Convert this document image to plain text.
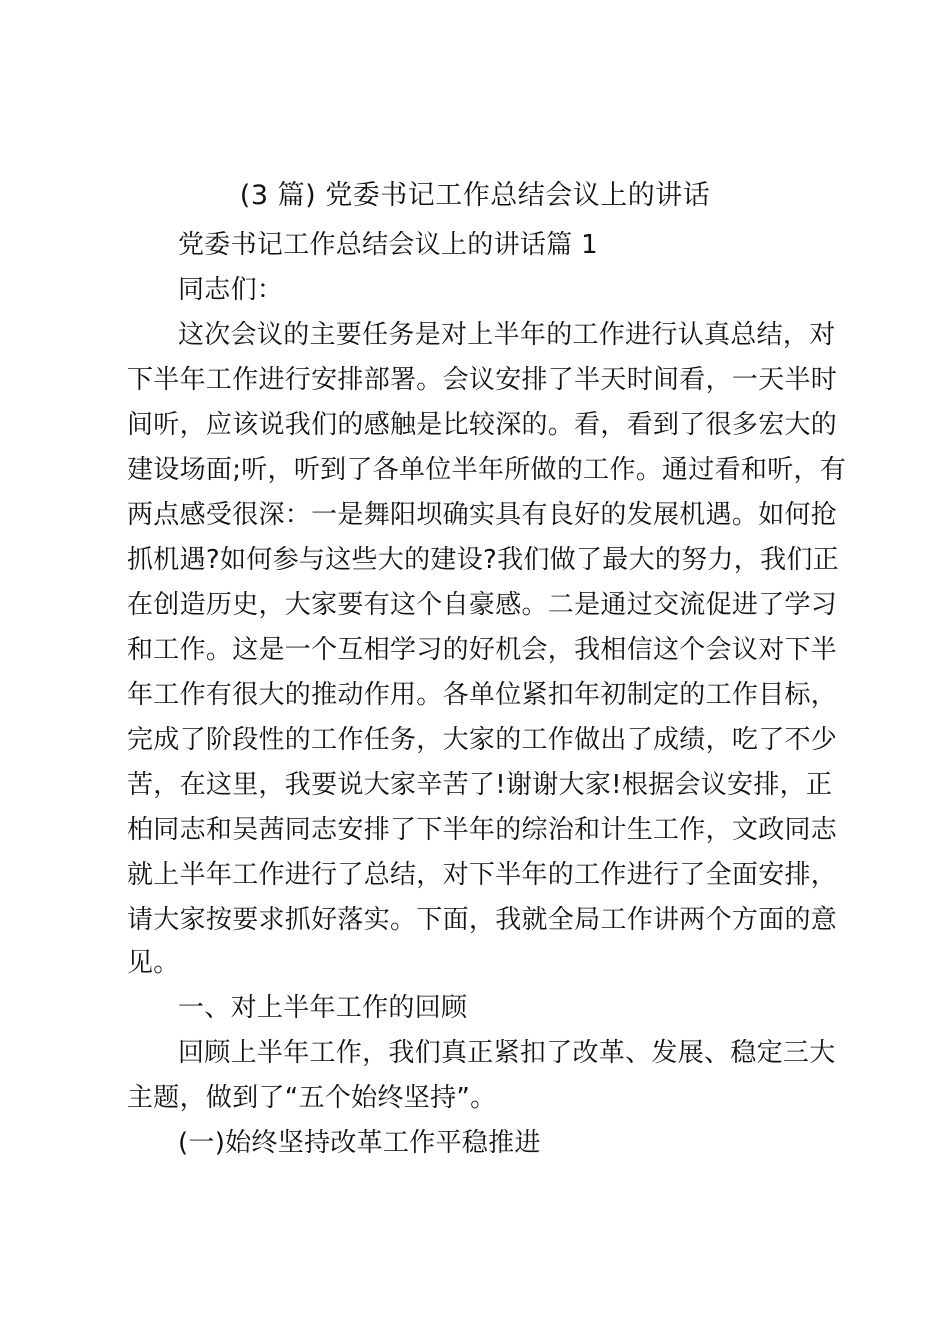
(3 篇) 党委书记工作总结会议上的讲话
党委书记工作总结会议上的讲话篇 1
同志们：
这次会议的主要任务是对上半年的工作进行认真总结，对
下半年工作进行安排部署。会议安排了半天时间看，一天半时
间听，应该说我们的感触是比较深的。看，看到了很多宏大的
建设场面;听，听到了各单位半年所做的工作。通过看和听，有
两点感受很深：一是舞阳坝确实具有良好的发展机遇。如何抢
抓机遇?如何参与这些大的建设?我们做了最大的努力，我们正
在创造历史，大家要有这个自豪感。二是通过交流促进了学习
和工作。这是一个互相学习的好机会，我相信这个会议对下半
年工作有很大的推动作用。各单位紧扣年初制定的工作目标，
完成了阶段性的工作任务，大家的工作做出了成绩，吃了不少
苦，在这里，我要说大家辛苦了!谢谢大家!根据会议安排，正
柏同志和吴茜同志安排了下半年的综治和计生工作，文政同志
就上半年工作进行了总结，对下半年的工作进行了全面安排，
请大家按要求抓好落实。下面，我就全局工作讲两个方面的意
见。
一、对上半年工作的回顾
回顾上半年工作，我们真正紧扣了改革、发展、稳定三大
主题，做到了“五个始终坚持”。
(一)始终坚持改革工作平稳推进
